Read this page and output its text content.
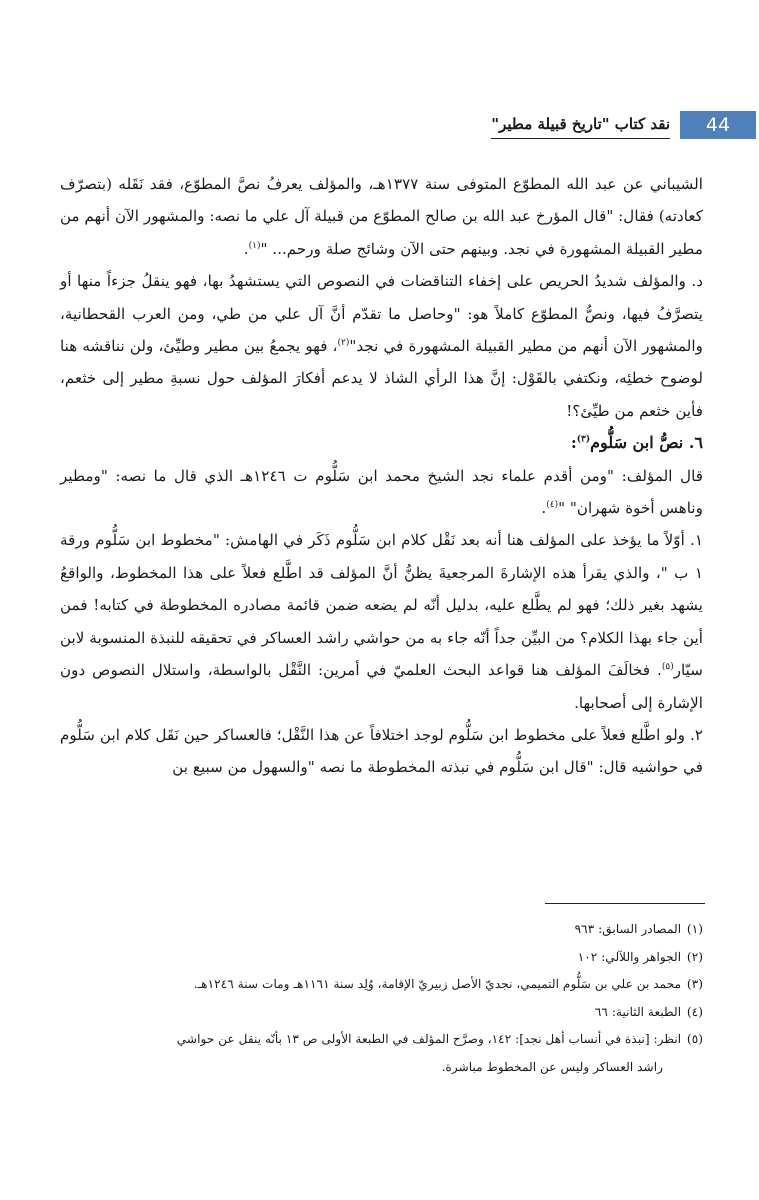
44
نقد كتاب "تاريخ قبيلة مطير"

الشيباني عن عبد الله المطوّع المتوفى سنة ١٣٧٧هـ، والمؤلف يعرفُ نصَّ المطوّع، فقد نَقَله (بتصرّف كعادته) فقال: "قال المؤرخ عبد الله بن صالح المطوّع من قبيلة آل علي ما نصه: والمشهور الآن أنهم من مطير القبيلة المشهورة في نجد. وبينهم حتى الآن وشائج صلة ورحم... "$^{(١)}$.

د. والمؤلف شديدُ الحريص على إخفاء التناقضات في النصوص التي يستشهدُ بها، فهو ينقلُ جزءاً منها أو يتصرَّفُ فيها، ونصُّ المطوّع كاملاً هو: "وحاصل ما تقدّم أنَّ آل علي من طي، ومن العرب القحطانية، والمشهور الآن أنهم من مطير القبيلة المشهورة في نجد"$^{(٢)}$، فهو يجمعُ بين مطير وطيِّئ، ولن نناقشه هنا لوضوح خطئِه، ونكتفي بالقَوْل: إنَّ هذا الرأي الشاذ لا يدعم أفكارَ المؤلف حول نسبةِ مطير إلى خثعم، فأين خثعم من طيِّئ؟!

٦. نصُّ ابن سَلُّوم$^{(٣)}$:

قال المؤلف: "ومن أقدم علماء نجد الشيخ محمد ابن سَلُّوم ت ١٢٤٦هـ الذي قال ما نصه: "ومطير وناهس أخوة شهران" "$^{(٤)}$.

١. أوّلاً ما يؤخذ على المؤلف هنا أنه بعد نَقْل كلام ابن سَلُّوم ذَكَر في الهامش: "مخطوط ابن سَلُّوم ورقة ١ ب "، والذي يقرأ هذه الإشارةَ المرجعيةَ يظنُّ أنَّ المؤلف قد اطَّلع فعلاً على هذا المخطوط، والواقعُ يشهد بغير ذلك؛ فهو لم يطَّلع عليه، بدليل أنّه لم يضعه ضمن قائمة مصادره المخطوطة في كتابه! فمن أين جاء بهذا الكلام؟ من البيِّن جداً أنّه جاء به من حواشي راشد العساكر في تحقيقه للنبذة المنسوبة لابن سيّار$^{(٥)}$. فخالَفَ المؤلف هنا قواعد البحث العلميّ في أمرين: النَّقْل بالواسطة، واستلال النصوص دون الإشارة إلى أصحابها.

٢. ولو اطَّلع فعلاً على مخطوط ابن سَلُّوم لوجد اختلافاً عن هذا النَّقْل؛ فالعساكر حين نَقَل كلام ابن سَلُّوم في حواشيه قال: "قال ابن سَلُّوم في نبذته المخطوطة ما نصه "والسهول من سبيع بن

(١) المصادر السابق: ٩٦٣

(٢) الجواهر واللآلي: ١٠٢

(٣) محمد بن علي بن سَلُّوم التميمي، نجديّ الأصل زبيريّ الإقامة، وُلِد سنة ١١٦١هـ ومات سنة ١٢٤٦هـ.

(٤) الطبعة الثانية: ٦٦

(٥) انظر: [نبذة في أنساب أهل نجد]: ١٤٢، وصرَّح المؤلف في الطبعة الأولى ص ١٣ بأنّه ينقل عن حواشي

راشد العساكر وليس عن المخطوط مباشرة.
